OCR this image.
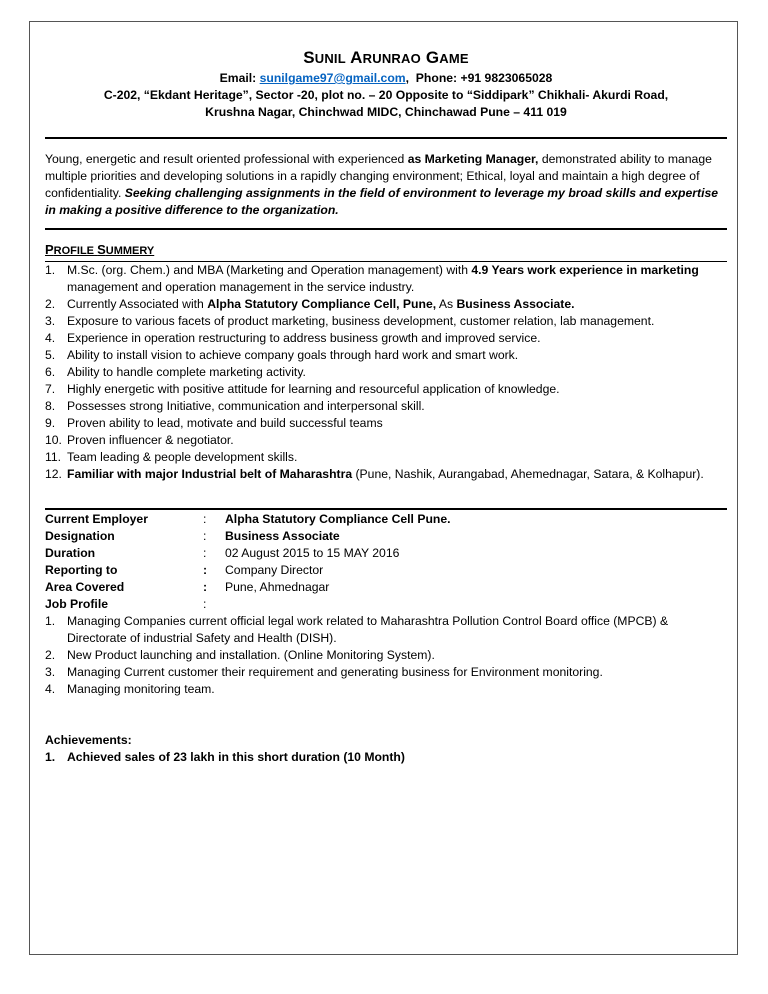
SUNIL ARUNRAO GAME
Email: sunilgame97@gmail.com,  Phone: +91 9823065028
C-202, “Ekdant Heritage”, Sector -20, plot no. – 20 Opposite to “Siddipark” Chikhali- Akurdi Road,
Krushna Nagar, Chinchwad MIDC, Chinchawad Pune – 411 019
Young, energetic and result oriented professional with experienced as Marketing Manager, demonstrated ability to manage multiple priorities and developing solutions in a rapidly changing environment; Ethical, loyal and maintain a high degree of confidentiality. Seeking challenging assignments in the field of environment to leverage my broad skills and expertise in making a positive difference to the organization.
PROFILE SUMMERY
1. M.Sc. (org. Chem.) and MBA (Marketing and Operation management) with 4.9 Years work experience in marketing management and operation management in the service industry.
2. Currently Associated with Alpha Statutory Compliance Cell, Pune, As Business Associate.
3. Exposure to various facets of product marketing, business development, customer relation, lab management.
4. Experience in operation restructuring to address business growth and improved service.
5. Ability to install vision to achieve company goals through hard work and smart work.
6. Ability to handle complete marketing activity.
7. Highly energetic with positive attitude for learning and resourceful application of knowledge.
8. Possesses strong Initiative, communication and interpersonal skill.
9. Proven ability to lead, motivate and build successful teams
10. Proven influencer & negotiator.
11. Team leading & people development skills.
12. Familiar with major Industrial belt of Maharashtra (Pune, Nashik, Aurangabad, Ahemednagar, Satara, & Kolhapur).
Current Employer	:	Alpha Statutory Compliance Cell Pune.
Designation	:	Business Associate
Duration	:	02 August 2015 to 15 MAY 2016
Reporting to	:	Company Director
Area Covered	:	Pune, Ahmednagar
Job Profile	:
1. Managing Companies current official legal work related to Maharashtra Pollution Control Board office (MPCB) & Directorate of industrial Safety and Health (DISH).
2. New Product launching and installation. (Online Monitoring System).
3. Managing Current customer their requirement and generating business for Environment monitoring.
4. Managing monitoring team.
Achievements:
1. Achieved sales of 23 lakh in this short duration (10 Month)
